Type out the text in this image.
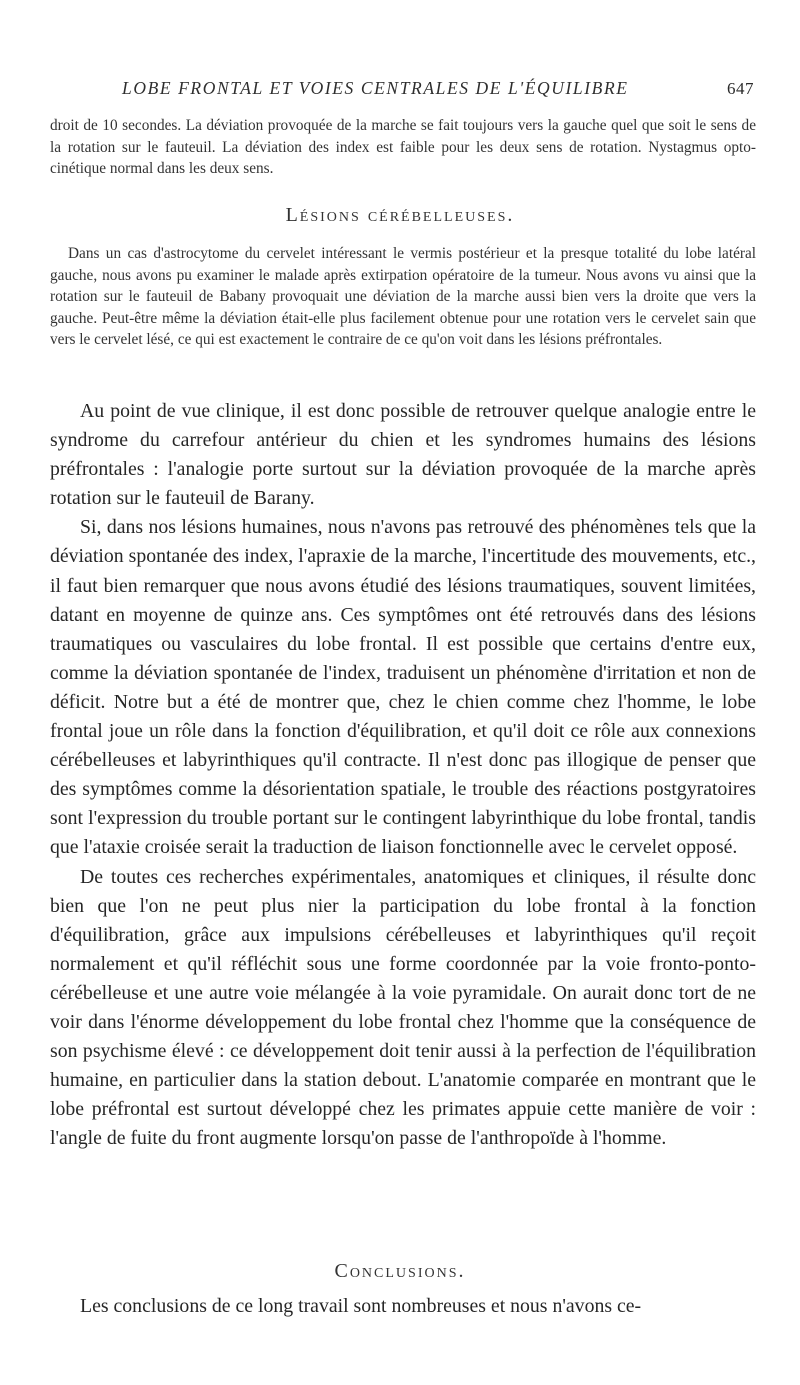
LOBE FRONTAL ET VOIES CENTRALES DE L'ÉQUILIBRE	647

droit de 10 secondes. La déviation provoquée de la marche se fait toujours vers la gauche quel que soit le sens de la rotation sur le fauteuil. La déviation des index est faible pour les deux sens de rotation. Nystagmus opto-cinétique normal dans les deux sens.

Lésions cérébelleuses.

Dans un cas d'astrocytome du cervelet intéressant le vermis postérieur et la presque totalité du lobe latéral gauche, nous avons pu examiner le malade après extirpation opératoire de la tumeur. Nous avons vu ainsi que la rotation sur le fauteuil de Babany provoquait une déviation de la marche aussi bien vers la droite que vers la gauche. Peut-être même la déviation était-elle plus facilement obtenue pour une rotation vers le cervelet sain que vers le cervelet lésé, ce qui est exactement le contraire de ce qu'on voit dans les lésions préfrontales.

Au point de vue clinique, il est donc possible de retrouver quelque analogie entre le syndrome du carrefour antérieur du chien et les syndromes humains des lésions préfrontales : l'analogie porte surtout sur la déviation provoquée de la marche après rotation sur le fauteuil de Barany.

Si, dans nos lésions humaines, nous n'avons pas retrouvé des phénomènes tels que la déviation spontanée des index, l'apraxie de la marche, l'incertitude des mouvements, etc., il faut bien remarquer que nous avons étudié des lésions traumatiques, souvent limitées, datant en moyenne de quinze ans. Ces symptômes ont été retrouvés dans des lésions traumatiques ou vasculaires du lobe frontal. Il est possible que certains d'entre eux, comme la déviation spontanée de l'index, traduisent un phénomène d'irritation et non de déficit. Notre but a été de montrer que, chez le chien comme chez l'homme, le lobe frontal joue un rôle dans la fonction d'équilibration, et qu'il doit ce rôle aux connexions cérébelleuses et labyrinthiques qu'il contracte. Il n'est donc pas illogique de penser que des symptômes comme la désorientation spatiale, le trouble des réactions postgyratoires sont l'expression du trouble portant sur le contingent labyrinthique du lobe frontal, tandis que l'ataxie croisée serait la traduction de liaison fonctionnelle avec le cervelet opposé.

De toutes ces recherches expérimentales, anatomiques et cliniques, il résulte donc bien que l'on ne peut plus nier la participation du lobe frontal à la fonction d'équilibration, grâce aux impulsions cérébelleuses et labyrinthiques qu'il reçoit normalement et qu'il réfléchit sous une forme coordonnée par la voie fronto-ponto-cérébelleuse et une autre voie mélangée à la voie pyramidale. On aurait donc tort de ne voir dans l'énorme développement du lobe frontal chez l'homme que la conséquence de son psychisme élevé : ce développement doit tenir aussi à la perfection de l'équilibration humaine, en particulier dans la station debout. L'anatomie comparée en montrant que le lobe préfrontal est surtout développé chez les primates appuie cette manière de voir : l'angle de fuite du front augmente lorsqu'on passe de l'anthropoïde à l'homme.

Conclusions.

Les conclusions de ce long travail sont nombreuses et nous n'avons ce-
